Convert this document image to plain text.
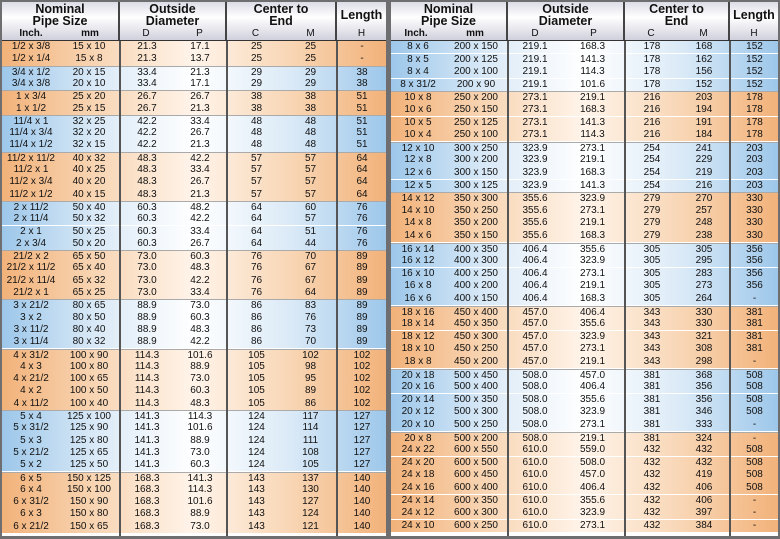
Nominal Pipe Size
Inch.	mm
Outside Diameter
D	P
Center to End
C	M
Length
H
1/2 x 3/8	15 x 10	21.3	17.1	25	25	-
1/2 x 1/4	15 x 8	21.3	13.7	25	25	-
3/4 x 1/2	20 x 15	33.4	21.3	29	29	38
3/4 x 3/8	20 x 10	33.4	17.1	29	29	38
1 x 3/4	25 x 20	26.7	26.7	38	38	51
1 x 1/2	25 x 15	26.7	21.3	38	38	51
11/4 x 1	32 x 25	42.2	33.4	48	48	51
11/4 x 3/4	32 x 20	42.2	26.7	48	48	51
11/4 x 1/2	32 x 15	42.2	21.3	48	48	51
11/2 x 11/2	40 x 32	48.3	42.2	57	57	64
11/2 x 1	40 x 25	48.3	33.4	57	57	64
11/2 x 3/4	40 x 20	48.3	26.7	57	57	64
11/2 x 1/2	40 x 15	48.3	21.3	57	57	64
2 x 11/2	50 x 40	60.3	48.2	64	60	76
2 x 11/4	50 x 32	60.3	42.2	64	57	76
2 x 1	50 x 25	60.3	33.4	64	51	76
2 x 3/4	50 x 20	60.3	26.7	64	44	76
21/2 x 2	65 x 50	73.0	60.3	76	70	89
21/2 x 11/2	65 x 40	73.0	48.3	76	67	89
21/2 x 11/4	65 x 32	73.0	42.2	76	67	89
21/2 x 1	65 x 25	73.0	33.4	76	64	89
3 x 21/2	80 x 65	88.9	73.0	86	83	89
3 x 2	80 x 50	88.9	60.3	86	76	89
3 x 11/2	80 x 40	88.9	48.3	86	73	89
3 x 11/4	80 x 32	88.9	42.2	86	70	89
4 x 31/2	100 x 90	114.3	101.6	105	102	102
4 x 3	100 x 80	114.3	88.9	105	98	102
4 x 21/2	100 x 65	114.3	73.0	105	95	102
4 x 2	100 x 50	114.3	60.3	105	89	102
4 x 11/2	100 x 40	114.3	48.3	105	86	102
5 x 4	125 x 100	141.3	114.3	124	117	127
5 x 31/2	125 x 90	141.3	101.6	124	114	127
5 x 3	125 x 80	141.3	88.9	124	111	127
5 x 21/2	125 x 65	141.3	73.0	124	108	127
5 x 2	125 x 50	141.3	60.3	124	105	127
6 x 5	150 x 125	168.3	141.3	143	137	140
6 x 4	150 x 100	168.3	114.3	143	130	140
6 x 31/2	150 x 90	168.3	101.6	143	127	140
6 x 3	150 x 80	168.3	88.9	143	124	140
6 x 21/2	150 x 65	168.3	73.0	143	121	140
Nominal Pipe Size
Inch.	mm
Outside Diameter
D	P
Center to End
C	M
Length
H
8 x 6	200 x 150	219.1	168.3	178	168	152
8 x 5	200 x 125	219.1	141.3	178	162	152
8 x 4	200 x 100	219.1	114.3	178	156	152
8 x 31/2	200 x 90	219.1	101.6	178	152	152
10 x 8	250 x 200	273.1	219.1	216	203	178
10 x 6	250 x 150	273.1	168.3	216	194	178
10 x 5	250 x 125	273.1	141.3	216	191	178
10 x 4	250 x 100	273.1	114.3	216	184	178
12 x 10	300 x 250	323.9	273.1	254	241	203
12 x 8	300 x 200	323.9	219.1	254	229	203
12 x 6	300 x 150	323.9	168.3	254	219	203
12 x 5	300 x 125	323.9	141.3	254	216	203
14 x 12	350 x 300	355.6	323.9	279	270	330
14 x 10	350 x 250	355.6	273.1	279	257	330
14 x 8	350 x 200	355.6	219.1	279	248	330
14 x 6	350 x 150	355.6	168.3	279	238	330
16 x 14	400 x 350	406.4	355.6	305	305	356
16 x 12	400 x 300	406.4	323.9	305	295	356
16 x 10	400 x 250	406.4	273.1	305	283	356
16 x 8	400 x 200	406.4	219.1	305	273	356
16 x 6	400 x 150	406.4	168.3	305	264	-
18 x 16	450 x 400	457.0	406.4	343	330	381
18 x 14	450 x 350	457.0	355.6	343	330	381
18 x 12	450 x 300	457.0	323.9	343	321	381
18 x 10	450 x 250	457.0	273.1	343	308	381
18 x 8	450 x 200	457.0	219.1	343	298	-
20 x 18	500 x 450	508.0	457.0	381	368	508
20 x 16	500 x 400	508.0	406.4	381	356	508
20 x 14	500 x 350	508.0	355.6	381	356	508
20 x 12	500 x 300	508.0	323.9	381	346	508
20 x 10	500 x 250	508.0	273.1	381	333	-
20 x 8	500 x 200	508.0	219.1	381	324	-
24 x 22	600 x 550	610.0	559.0	432	432	508
24 x 20	600 x 500	610.0	508.0	432	432	508
24 x 18	600 x 450	610.0	457.0	432	419	508
24 x 16	600 x 400	610.0	406.4	432	406	508
24 x 14	600 x 350	610.0	355.6	432	406	-
24 x 12	600 x 300	610.0	323.9	432	397	-
24 x 10	600 x 250	610.0	273.1	432	384	-
